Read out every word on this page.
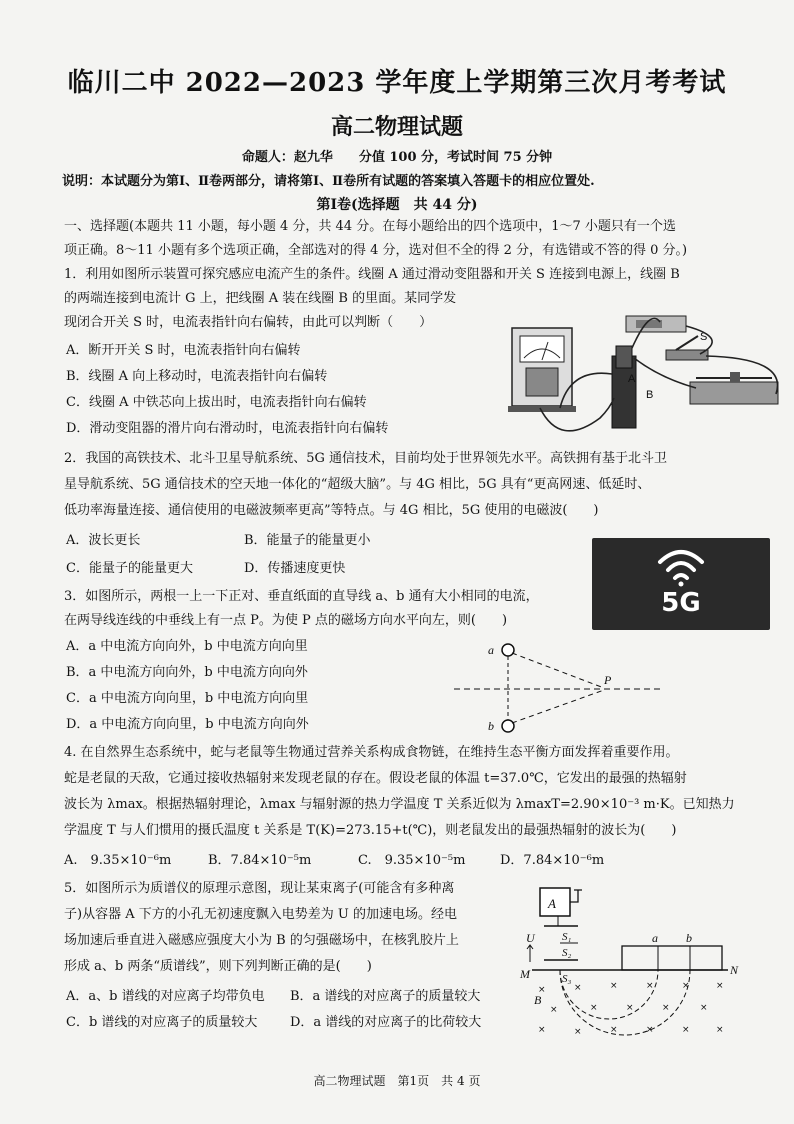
临川二中 2022—2023 学年度上学期第三次月考考试
高二物理试题
命题人：赵九华　　分值 100 分，考试时间 75 分钟
说明：本试题分为第Ⅰ、Ⅱ卷两部分，请将第Ⅰ、Ⅱ卷所有试题的答案填入答题卡的相应位置处.
第Ⅰ卷(选择题　共 44 分)
一、选择题(本题共 11 小题，每小题 4 分，共 44 分。在每小题给出的四个选项中，1～7 小题只有一个选
项正确。8～11 小题有多个选项正确，全部选对的得 4 分，选对但不全的得 2 分，有选错或不答的得 0 分。)
1．利用如图所示装置可探究感应电流产生的条件。线圈 A 通过滑动变阻器和开关 S 连接到电源上，线圈 B
的两端连接到电流计 G 上，把线圈 A 装在线圈 B 的里面。某同学发
现闭合开关 S 时，电流表指针向右偏转，由此可以判断（　　）
A．断开开关 S 时，电流表指针向右偏转
B．线圈 A 向上移动时，电流表指针向右偏转
C．线圈 A 中铁芯向上拔出时，电流表指针向右偏转
D．滑动变阻器的滑片向右滑动时，电流表指针向右偏转
A
B
S
2．我国的高铁技术、北斗卫星导航系统、5G 通信技术，目前均处于世界领先水平。高铁拥有基于北斗卫
星导航系统、5G 通信技术的空天地一体化的“超级大脑”。与 4G 相比，5G 具有“更高网速、低延时、
低功率海量连接、通信使用的电磁波频率更高”等特点。与 4G 相比，5G 使用的电磁波(　　)
A．波长更长	B．能量子的能量更小
C．能量子的能量更大	D．传播速度更快
5G
3．如图所示，两根一上一下正对、垂直纸面的直导线 a、b 通有大小相同的电流，
在两导线连线的中垂线上有一点 P。为使 P 点的磁场方向水平向左，则(　　)
A．a 中电流方向向外，b 中电流方向向里
B．a 中电流方向向外，b 中电流方向向外
C．a 中电流方向向里，b 中电流方向向里
D．a 中电流方向向里，b 中电流方向向外
a
b
P
4. 在自然界生态系统中，蛇与老鼠等生物通过营养关系构成食物链，在维持生态平衡方面发挥着重要作用。
蛇是老鼠的天敌，它通过接收热辐射来发现老鼠的存在。假设老鼠的体温 t=37.0℃，它发出的最强的热辐射
波长为 λmax。根据热辐射理论，λmax 与辐射源的热力学温度 T 关系近似为 λmaxT=2.90×10⁻³ m·K。已知热力
学温度 T 与人们惯用的摄氏温度 t 关系是 T(K)=273.15+t(℃)，则老鼠发出的最强热辐射的波长为(　　)
A.　9.35×10⁻⁶m	B．7.84×10⁻⁵m	C.　9.35×10⁻⁵m	D．7.84×10⁻⁶m
5．如图所示为质谱仪的原理示意图，现让某束离子(可能含有多种离
子)从容器 A 下方的小孔无初速度飘入电势差为 U 的加速电场。经电
场加速后垂直进入磁感应强度大小为 B 的匀强磁场中，在核乳胶片上
形成 a、b 两条“质谱线”，则下列判断正确的是(　　)
A．a、b 谱线的对应离子均带负电 B．a 谱线的对应离子的质量较大
C．b 谱线的对应离子的质量较大	D．a 谱线的对应离子的比荷较大
A
S₁
S₂
U
M	N
a b
S₃
×	×	×	×	×	×
×	×	×	×	×
×	×	×	×	×	×
B
高二物理试题　第1页　共 4 页
